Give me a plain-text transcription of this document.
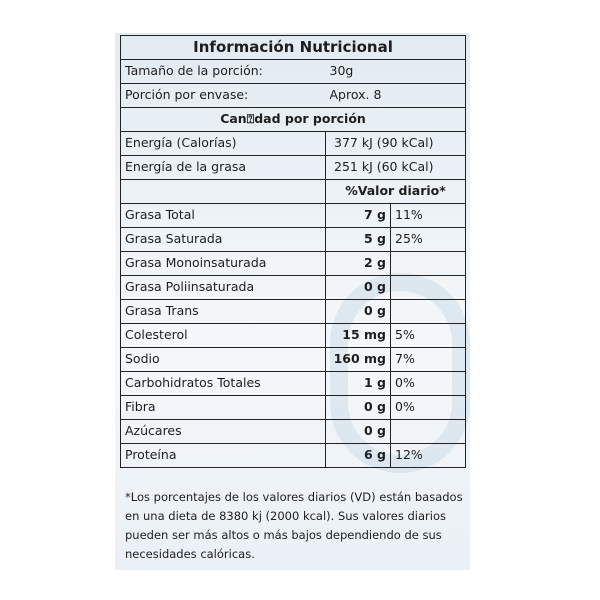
Información Nutricional		
Tamaño de la porción:	30g	
Porción por envase:	Aprox. 8	
Can⍰dad por porción		
Energía (Calorías)	377 kJ (90 kCal)	
Energía de la grasa	251 kJ (60 kCal)	
	%Valor diario*	
Grasa Total	7 g	11%
Grasa Saturada	5 g	25%
Grasa Monoinsaturada	2 g	
Grasa Poliinsaturada	0 g	
Grasa Trans	0 g	
Colesterol	15 mg	5%
Sodio	160 mg	7%
Carbohidratos Totales	1 g	0%
Fibra	0 g	0%
Azúcares	0 g	
Proteína	6 g	12%
*Los porcentajes de los valores diarios (VD) están basados en una dieta de 8380 kj (2000 kcal). Sus valores diarios pueden ser más altos o más bajos dependiendo de sus necesidades calóricas.
